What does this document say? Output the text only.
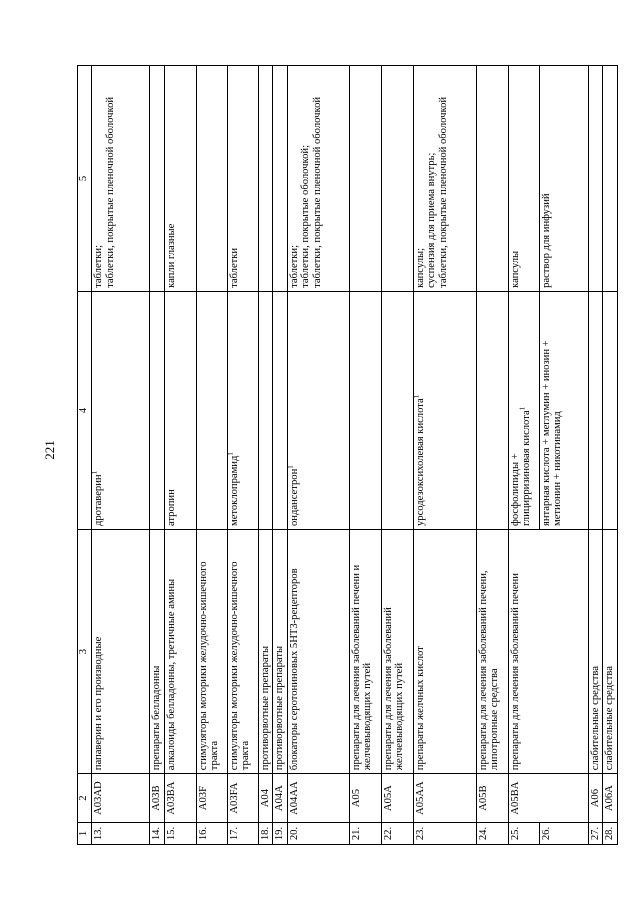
221
1	2	3	4	5
13.	A03AD	папаверин и его производные	дротаверин$^1$	таблетки;
таблетки, покрытые пленочной оболочкой
14.	A03B	препараты белладонны		
15.	A03BA	алкалоиды белладонны, третичные амины	атропин	капли глазные
16.	A03F	стимуляторы моторики желудочно-кишечного тракта		
17.	A03FA	стимуляторы моторики желудочно-кишечного тракта	метоклопрамид$^1$	таблетки
18.	A04	противорвотные препараты		
19.	A04A	противорвотные препараты		
20.	A04AA	блокаторы серотониновых 5HT3-рецепторов	ондансетрон$^1$	таблетки;
таблетки, покрытые оболочкой;
таблетки, покрытые пленочной оболочкой
21.	A05	препараты для лечения заболеваний печени и желчевыводящих путей		
22.	A05A	препараты для лечения заболеваний желчевыводящих путей		
23.	A05AA	препараты желчных кислот	урсодезоксихолевая кислота$^1$	капсулы;
суспензия для приема внутрь;
таблетки, покрытые пленочной оболочкой
24.	A05B	препараты для лечения заболеваний печени, липотропные средства		
25.	A05BA	препараты для лечения заболеваний печени	фосфолипиды +
глицирризиновая кислота$^1$	капсулы
26.			янтарная кислота + меглумин + инозин + метионин + никотинамид	раствор для инфузий
27.	A06	слабительные средства		
28.	A06A	слабительные средства		
